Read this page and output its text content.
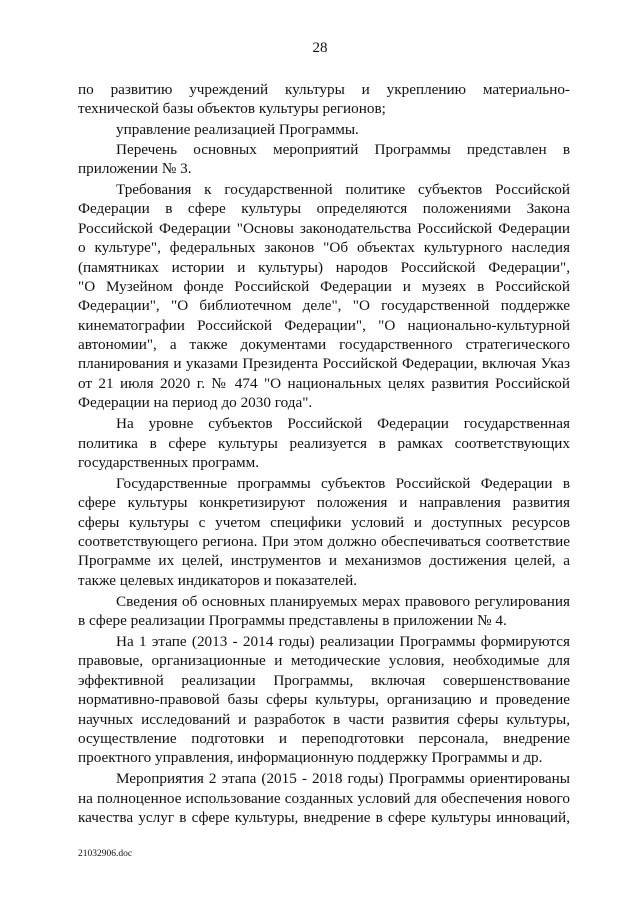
28
по развитию учреждений культуры и укреплению материально-
технической базы объектов культуры регионов;
управление реализацией Программы.
Перечень основных мероприятий Программы представлен в
приложении № 3.
Требования к государственной политике субъектов Российской
Федерации в сфере культуры определяются положениями Закона
Российской Федерации "Основы законодательства Российской Федерации
о культуре", федеральных законов "Об объектах культурного наследия
(памятниках истории и культуры) народов Российской Федерации",
"О Музейном фонде Российской Федерации и музеях в Российской
Федерации", "О библиотечном деле", "О государственной поддержке
кинематографии Российской Федерации", "О национально-культурной
автономии", а также документами государственного стратегического
планирования и указами Президента Российской Федерации, включая Указ
от 21 июля 2020 г. № 474 "О национальных целях развития Российской
Федерации на период до 2030 года".
На уровне субъектов Российской Федерации государственная
политика в сфере культуры реализуется в рамках соответствующих
государственных программ.
Государственные программы субъектов Российской Федерации в
сфере культуры конкретизируют положения и направления развития
сферы культуры с учетом специфики условий и доступных ресурсов
соответствующего региона. При этом должно обеспечиваться соответствие
Программе их целей, инструментов и механизмов достижения целей, а
также целевых индикаторов и показателей.
Сведения об основных планируемых мерах правового регулирования
в сфере реализации Программы представлены в приложении № 4.
На 1 этапе (2013 - 2014 годы) реализации Программы формируются
правовые, организационные и методические условия, необходимые для
эффективной реализации Программы, включая совершенствование
нормативно-правовой базы сферы культуры, организацию и проведение
научных исследований и разработок в части развития сферы культуры,
осуществление подготовки и переподготовки персонала, внедрение
проектного управления, информационную поддержку Программы и др.
Мероприятия 2 этапа (2015 - 2018 годы) Программы ориентированы
на полноценное использование созданных условий для обеспечения нового
качества услуг в сфере культуры, внедрение в сфере культуры инноваций,
21032906.doc
